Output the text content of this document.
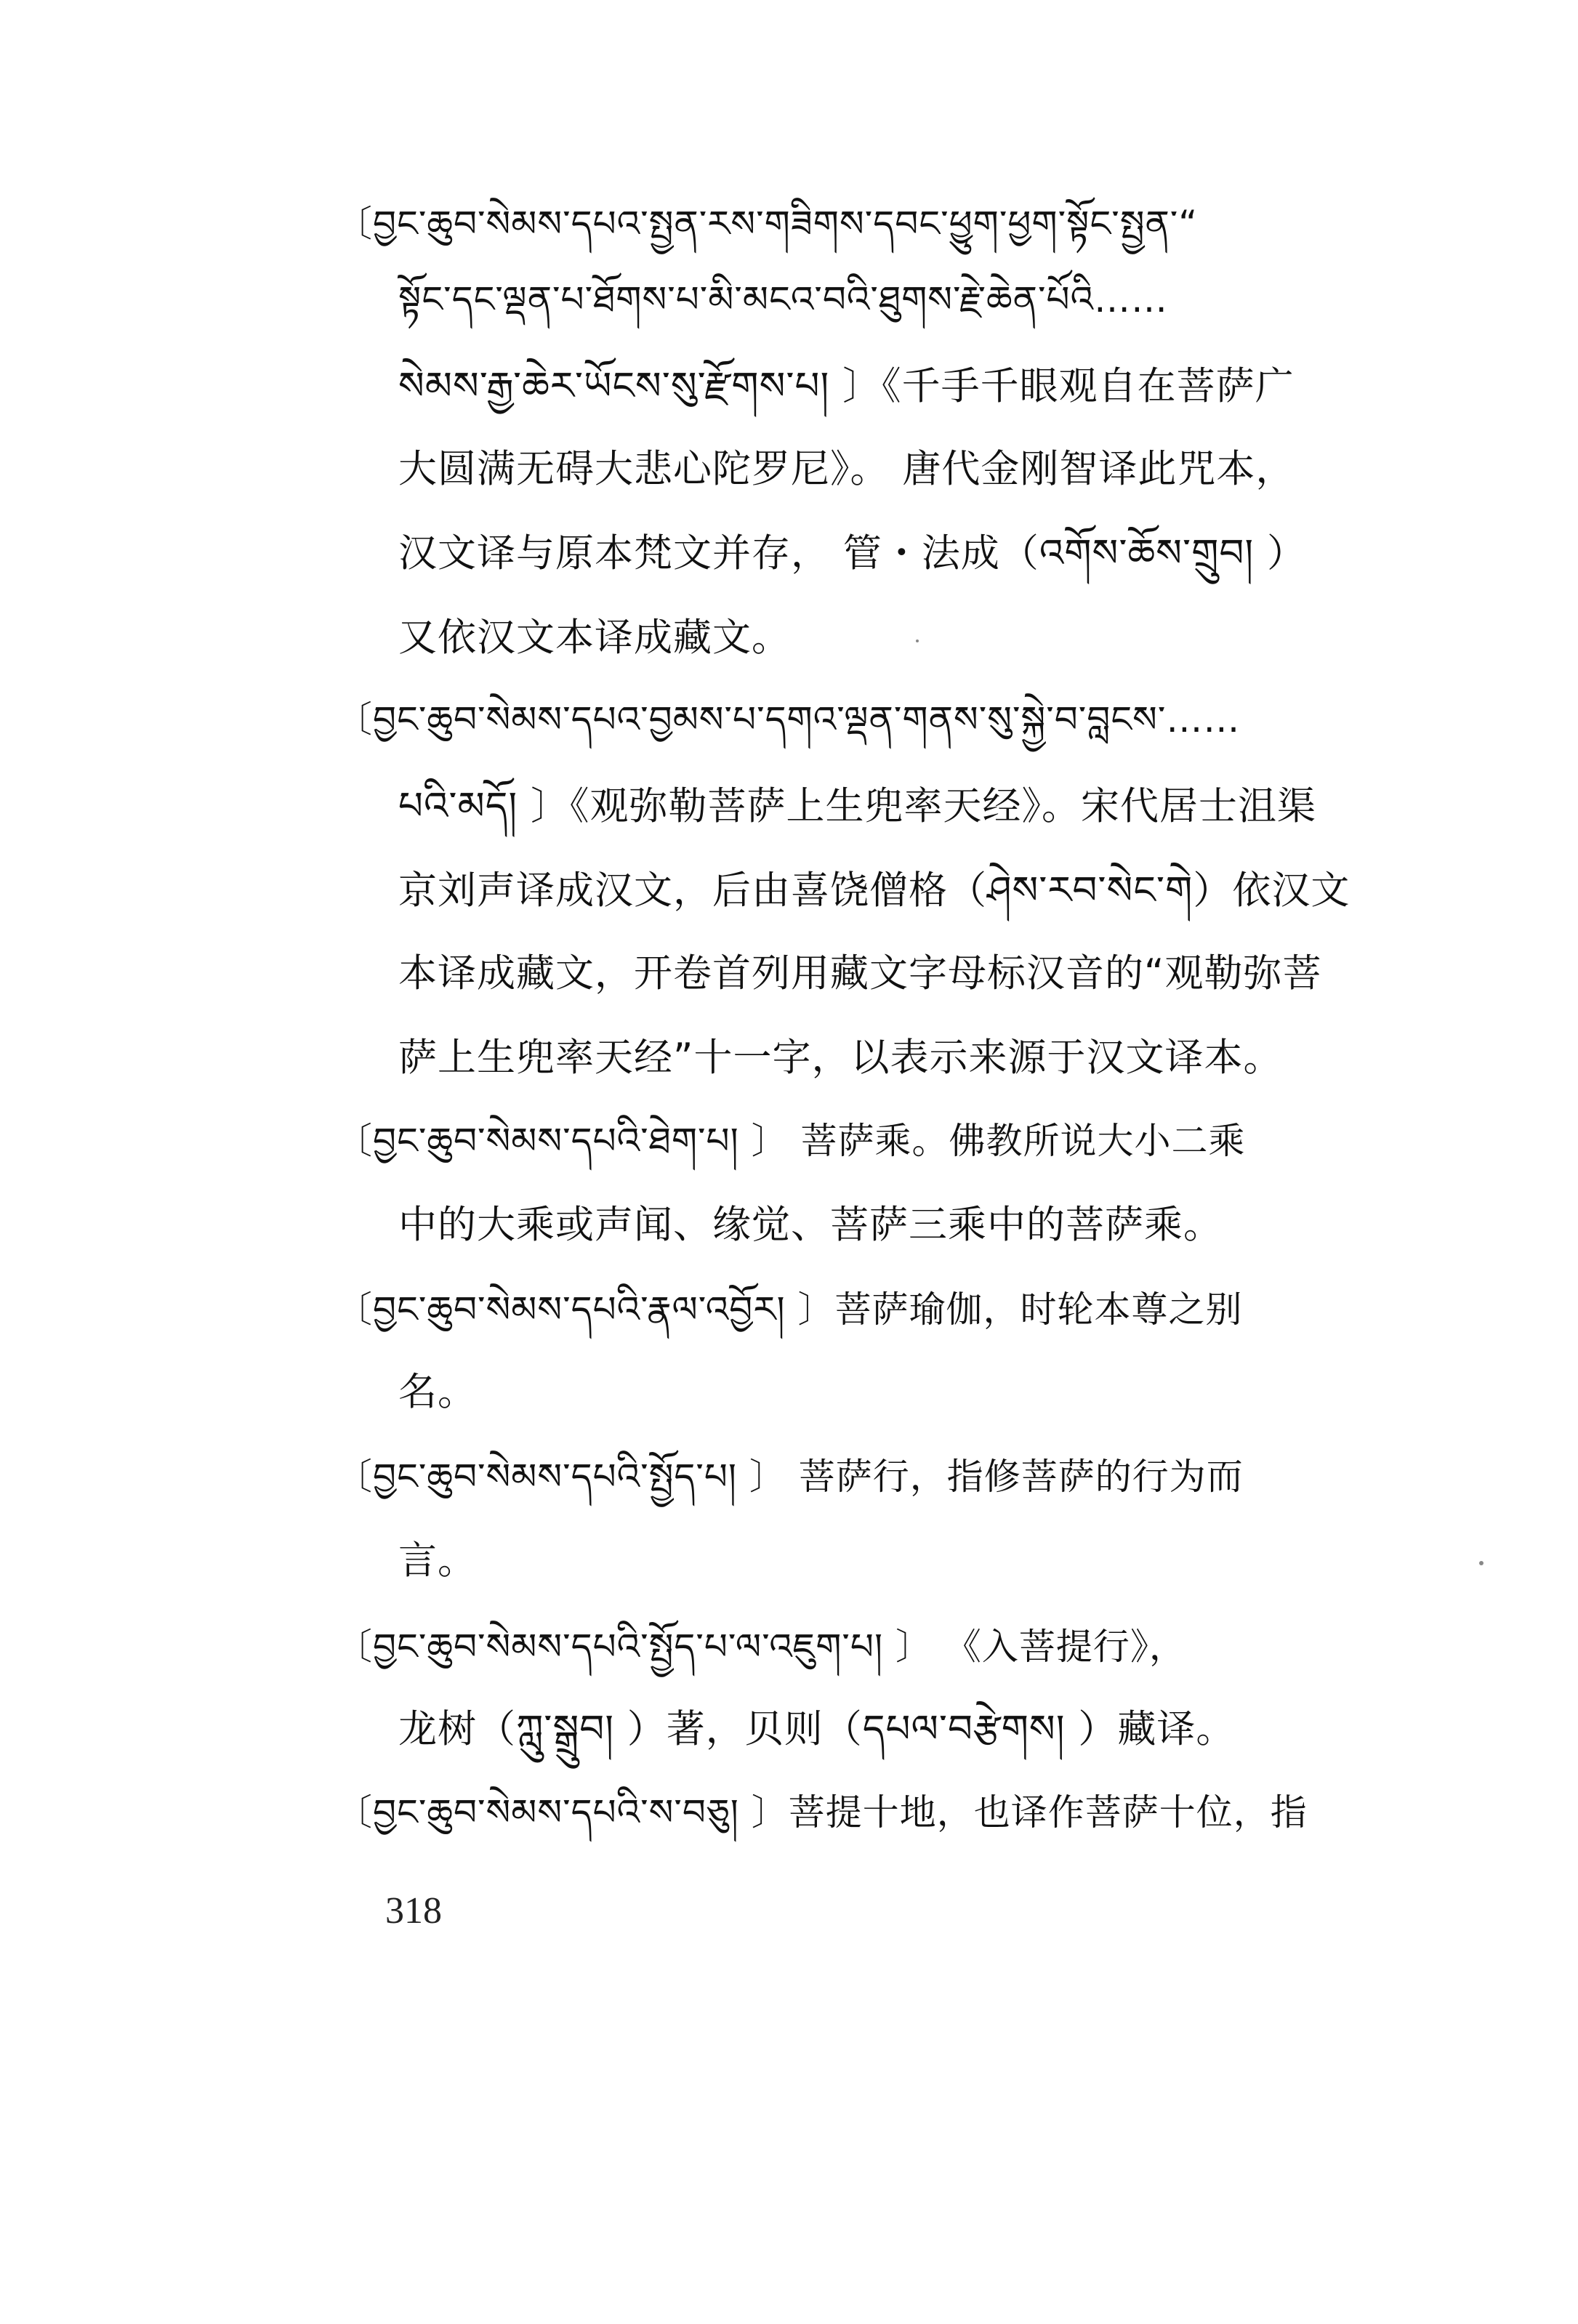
〔བྱང་ཆུབ་སེམས་དཔའ་སྤྱན་རས་གཟིགས་དབང་ཕྱུག་ཕྱག་སྟོང་སྤྱན་“
སྟོང་དང་ལྡན་པ་ཐོགས་པ་མི་མངའ་བའི་ཐུགས་རྗེ་ཆེན་པོའི……
སེམས་རྒྱ་ཆེར་ཡོངས་སུ་རྫོགས་པ། 〕《千手千眼观自在菩萨广
大圆满无碍大悲心陀罗尼》。 唐代金刚智译此咒本，
汉文译与原本梵文并存， 管・法成（འགོས་ཆོས་གྲུབ། ）
又依汉文本译成藏文。
〔བྱང་ཆུབ་སེམས་དཔའ་བྱམས་པ་དགའ་ལྡན་གནས་སུ་སྐྱེ་བ་བླངས་……
པའི་མདོ། 〕《观弥勒菩萨上生兜率天经》。宋代居士沮渠
京刘声译成汉文，后由喜饶僧格（ཤེས་རབ་སེང་གེ）依汉文
本译成藏文，开卷首列用藏文字母标汉音的“观勒弥菩
萨上生兜率天经”十一字，以表示来源于汉文译本。
〔བྱང་ཆུབ་སེམས་དཔའི་ཐེག་པ། 〕 菩萨乘。佛教所说大小二乘
中的大乘或声闻、缘觉、菩萨三乘中的菩萨乘。
〔བྱང་ཆུབ་སེམས་དཔའི་རྣལ་འབྱོར། 〕菩萨瑜伽，时轮本尊之别
名。
〔བྱང་ཆུབ་སེམས་དཔའི་སྤྱོད་པ། 〕 菩萨行，指修菩萨的行为而
言。
〔བྱང་ཆུབ་སེམས་དཔའི་སྤྱོད་པ་ལ་འཇུག་པ། 〕 《入菩提行》，
龙树（ཀླུ་སྒྲུབ། ）著，贝则（དཔལ་བརྩེགས། ）藏译。
〔བྱང་ཆུབ་སེམས་དཔའི་ས་བཅུ། 〕菩提十地，也译作菩萨十位，指
318
